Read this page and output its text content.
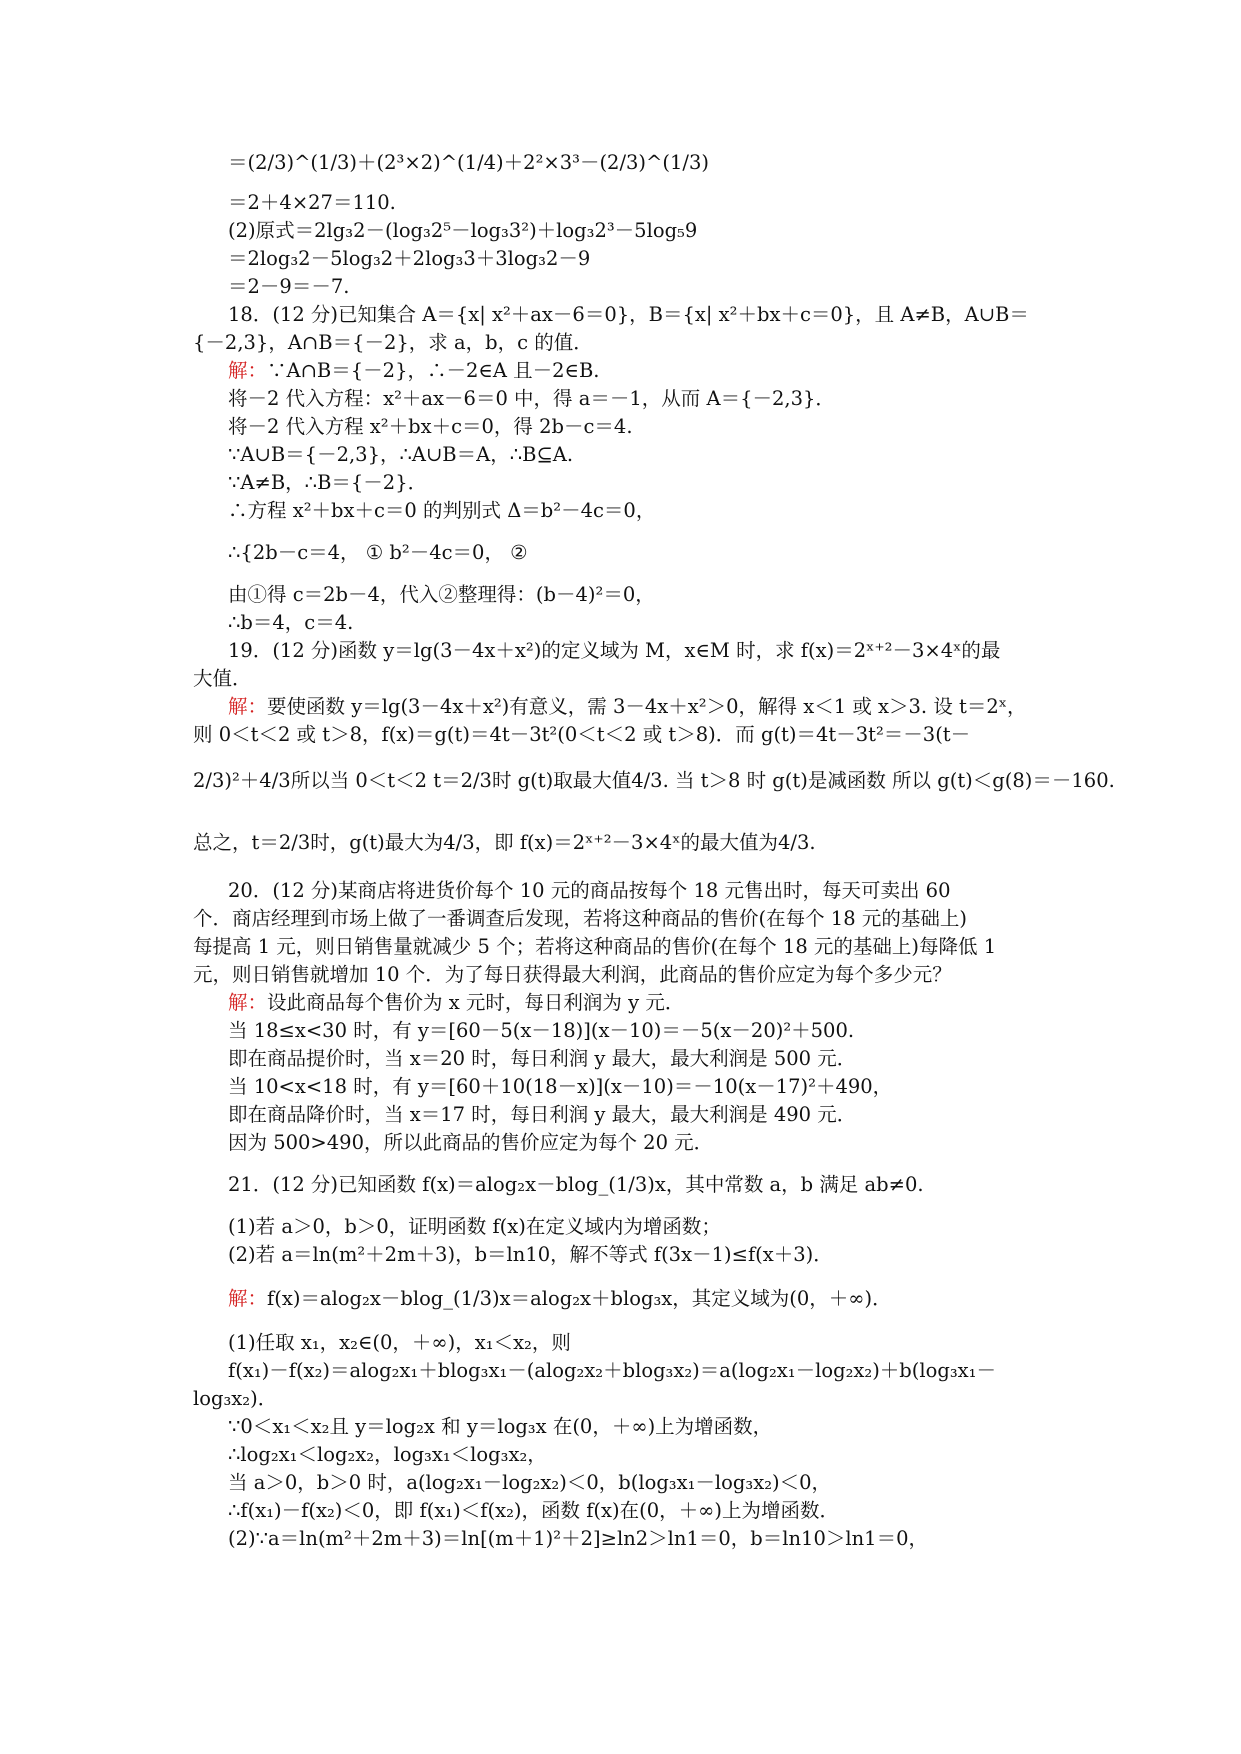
＝(2/3)^(1/3)＋(2³×2)^(1/4)＋2²×3³－(2/3)^(1/3)
＝2＋4×27＝110.
(2)原式＝2lg₃2－(log₃2⁵－log₃3²)＋log₃2³－5log₅9
＝2log₃2－5log₃2＋2log₃3＋3log₃2－9
＝2－9＝－7.
18．(12 分)已知集合 A＝{x| x²＋ax－6＝0}，B＝{x| x²＋bx＋c＝0}，且 A≠B，A∪B＝
{－2,3}，A∩B＝{－2}，求 a，b，c 的值．
解：∵A∩B＝{－2}，∴－2∈A 且－2∈B.
将－2 代入方程：x²＋ax－6＝0 中，得 a＝－1，从而 A＝{－2,3}．
将－2 代入方程 x²＋bx＋c＝0，得 2b－c＝4.
∵A∪B＝{－2,3}，∴A∪B＝A，∴B⊆A.
∵A≠B，∴B＝{－2}．
∴方程 x²＋bx＋c＝0 的判别式 Δ＝b²－4c＝0，
∴{2b－c＝4， ① b²－4c＝0， ②
由①得 c＝2b－4，代入②整理得：(b－4)²＝0，
∴b＝4，c＝4.
19．(12 分)函数 y＝lg(3－4x＋x²)的定义域为 M，x∈M 时，求 f(x)＝2ˣ⁺²－3×4ˣ的最
大值．
解：要使函数 y＝lg(3－4x＋x²)有意义，需 3－4x＋x²＞0，解得 x＜1 或 x＞3. 设 t＝2ˣ，
则 0＜t＜2 或 t＞8，f(x)＝g(t)＝4t－3t²(0＜t＜2 或 t＞8)．而 g(t)＝4t－3t²＝－3(t－
2/3)²＋4/3所以当 0＜t＜2 t＝2/3时 g(t)取最大值4/3. 当 t＞8 时 g(t)是减函数 所以 g(t)＜g(8)＝－160.
总之，t＝2/3时，g(t)最大为4/3，即 f(x)＝2ˣ⁺²－3×4ˣ的最大值为4/3.
20．(12 分)某商店将进货价每个 10 元的商品按每个 18 元售出时，每天可卖出 60
个．商店经理到市场上做了一番调查后发现，若将这种商品的售价(在每个 18 元的基础上)
每提高 1 元，则日销售量就减少 5 个；若将这种商品的售价(在每个 18 元的基础上)每降低 1
元，则日销售就增加 10 个．为了每日获得最大利润，此商品的售价应定为每个多少元？
解：设此商品每个售价为 x 元时，每日利润为 y 元．
当 18≤x<30 时，有 y＝[60－5(x－18)](x－10)＝－5(x－20)²＋500.
即在商品提价时，当 x＝20 时，每日利润 y 最大，最大利润是 500 元．
当 10<x<18 时，有 y＝[60＋10(18－x)](x－10)＝－10(x－17)²＋490，
即在商品降价时，当 x＝17 时，每日利润 y 最大，最大利润是 490 元．
因为 500>490，所以此商品的售价应定为每个 20 元．
21．(12 分)已知函数 f(x)＝alog₂x－blog_(1/3)x，其中常数 a，b 满足 ab≠0.
(1)若 a＞0，b＞0，证明函数 f(x)在定义域内为增函数；
(2)若 a＝ln(m²＋2m＋3)，b＝ln10，解不等式 f(3x－1)≤f(x＋3)．
解：f(x)＝alog₂x－blog_(1/3)x＝alog₂x＋blog₃x，其定义域为(0，＋∞)．
(1)任取 x₁，x₂∈(0，＋∞)，x₁＜x₂，则
f(x₁)－f(x₂)＝alog₂x₁＋blog₃x₁－(alog₂x₂＋blog₃x₂)＝a(log₂x₁－log₂x₂)＋b(log₃x₁－
log₃x₂)．
∵0＜x₁＜x₂且 y＝log₂x 和 y＝log₃x 在(0，＋∞)上为增函数，
∴log₂x₁＜log₂x₂，log₃x₁＜log₃x₂，
当 a＞0，b＞0 时，a(log₂x₁－log₂x₂)＜0，b(log₃x₁－log₃x₂)＜0，
∴f(x₁)－f(x₂)＜0，即 f(x₁)＜f(x₂)，函数 f(x)在(0，＋∞)上为增函数．
(2)∵a＝ln(m²＋2m＋3)＝ln[(m＋1)²＋2]≥ln2＞ln1＝0，b＝ln10＞ln1＝0，
